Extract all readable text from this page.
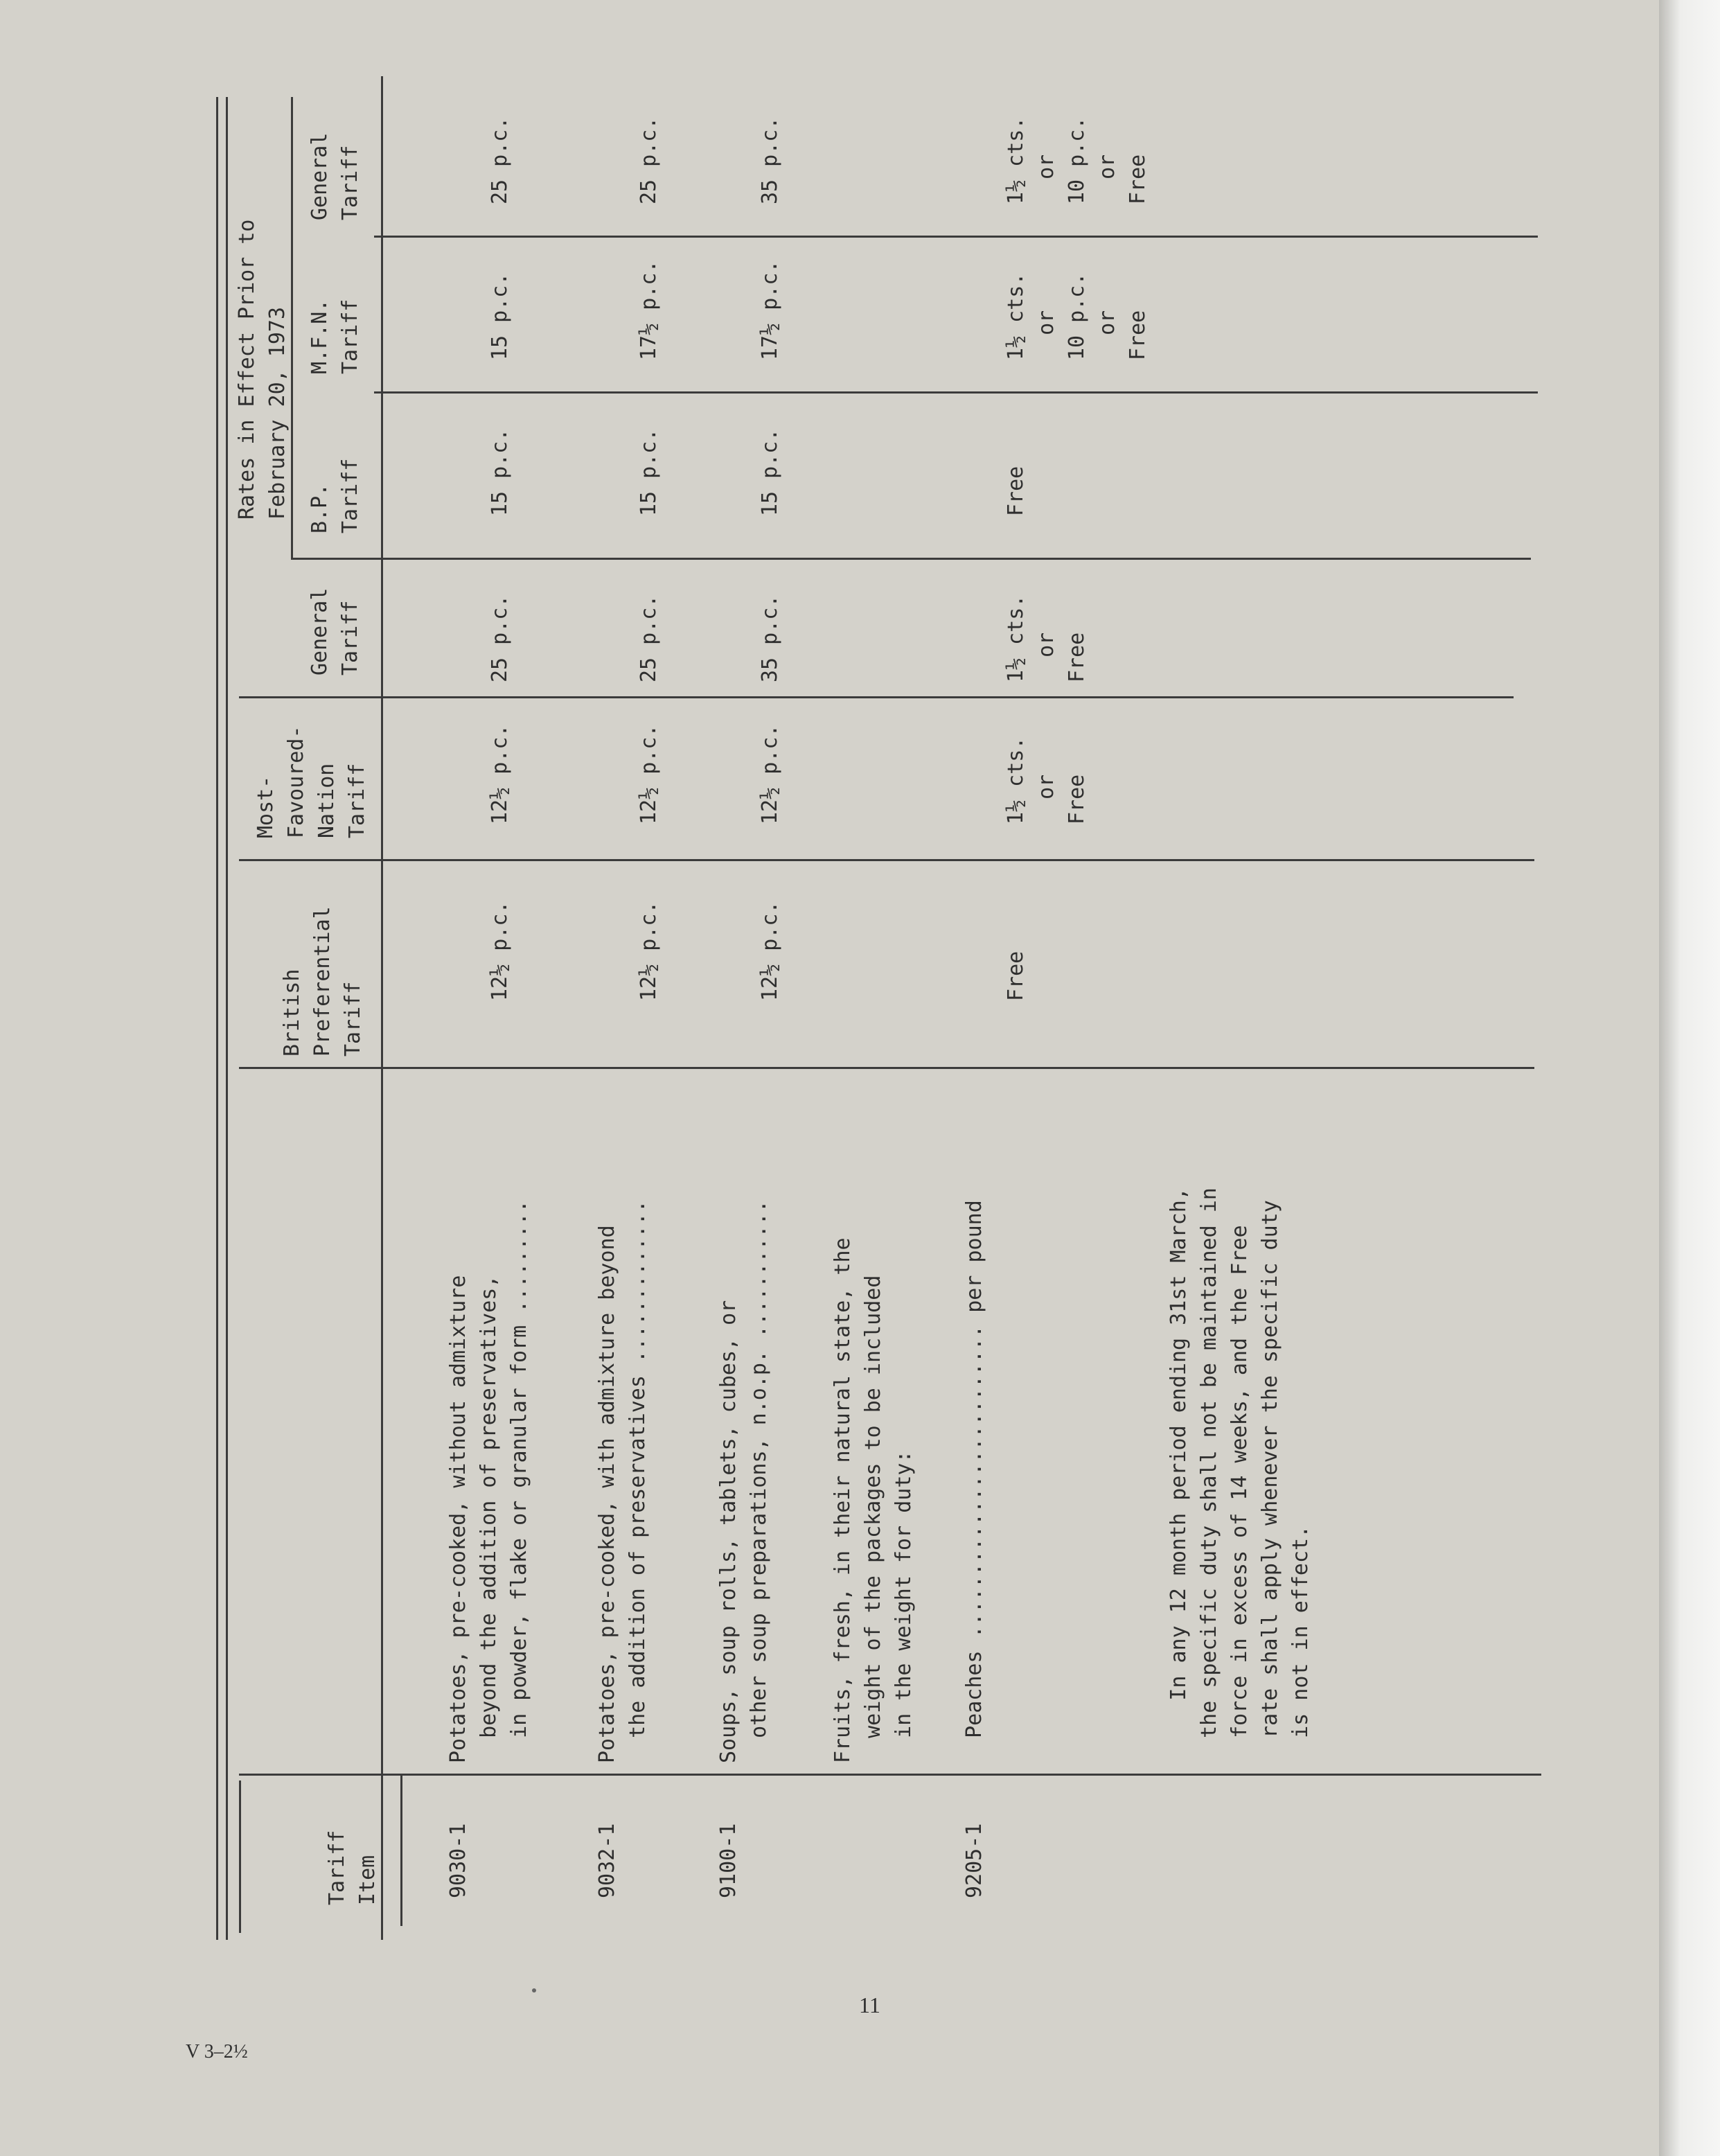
Tariff
Item
British
Preferential
Tariff
Most-
Favoured-
Nation
Tariff
General
Tariff
Rates in Effect Prior to
February 20, 1973
B.P.
Tariff
M.F.N.
Tariff
General
Tariff
9030-1
Potatoes, pre-cooked, without admixture
beyond the addition of preservatives,
in powder, flake or granular form .........
12½ p.c.
12½ p.c.
25 p.c.
15 p.c.
15 p.c.
25 p.c.
9032-1
Potatoes, pre-cooked, with admixture beyond
the addition of preservatives .............
12½ p.c.
12½ p.c.
25 p.c.
15 p.c.
17½ p.c.
25 p.c.
9100-1
Soups, soup rolls, tablets, cubes, or
other soup preparations, n.o.p. ...........
12½ p.c.
12½ p.c.
35 p.c.
15 p.c.
17½ p.c.
35 p.c.
Fruits, fresh, in their natural state, the
weight of the packages to be included
in the weight for duty:
9205-1
Peaches ......................... per pound
Free
1½ cts.
or
Free
1½ cts.
or
Free
Free
1½ cts.
or
10 p.c.
or
Free
1½ cts.
or
10 p.c.
or
Free
In any 12 month period ending 31st March,
the specific duty shall not be maintained in
force in excess of 14 weeks, and the Free
rate shall apply whenever the specific duty
is not in effect.
11
V 3–2½
